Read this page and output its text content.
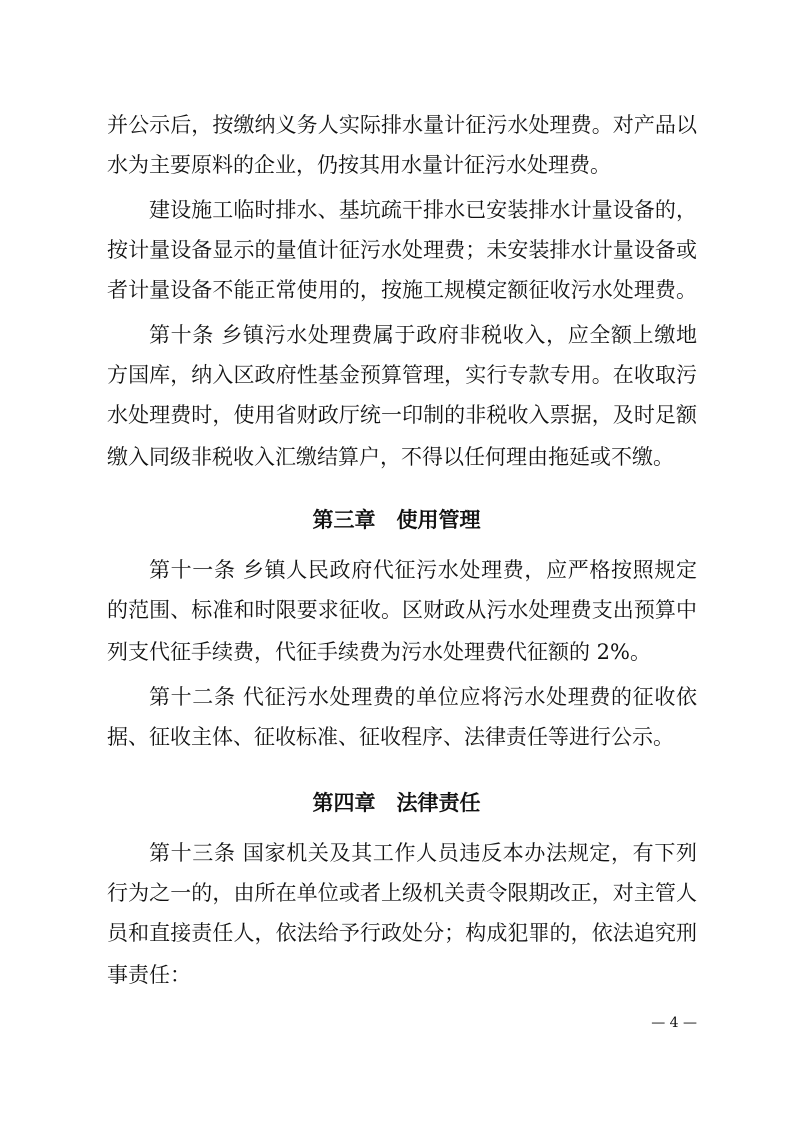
并公示后，按缴纳义务人实际排水量计征污水处理费。对产品以
水为主要原料的企业，仍按其用水量计征污水处理费。
建设施工临时排水、基坑疏干排水已安装排水计量设备的，
按计量设备显示的量值计征污水处理费；未安装排水计量设备或
者计量设备不能正常使用的，按施工规模定额征收污水处理费。
第十条 乡镇污水处理费属于政府非税收入，应全额上缴地
方国库，纳入区政府性基金预算管理，实行专款专用。在收取污
水处理费时，使用省财政厅统一印制的非税收入票据，及时足额
缴入同级非税收入汇缴结算户，不得以任何理由拖延或不缴。
第三章　使用管理
第十一条 乡镇人民政府代征污水处理费，应严格按照规定
的范围、标准和时限要求征收。区财政从污水处理费支出预算中
列支代征手续费，代征手续费为污水处理费代征额的 2%。
第十二条 代征污水处理费的单位应将污水处理费的征收依
据、征收主体、征收标准、征收程序、法律责任等进行公示。
第四章　法律责任
第十三条 国家机关及其工作人员违反本办法规定，有下列
行为之一的，由所在单位或者上级机关责令限期改正，对主管人
员和直接责任人，依法给予行政处分；构成犯罪的，依法追究刑
事责任：
— 4 —
